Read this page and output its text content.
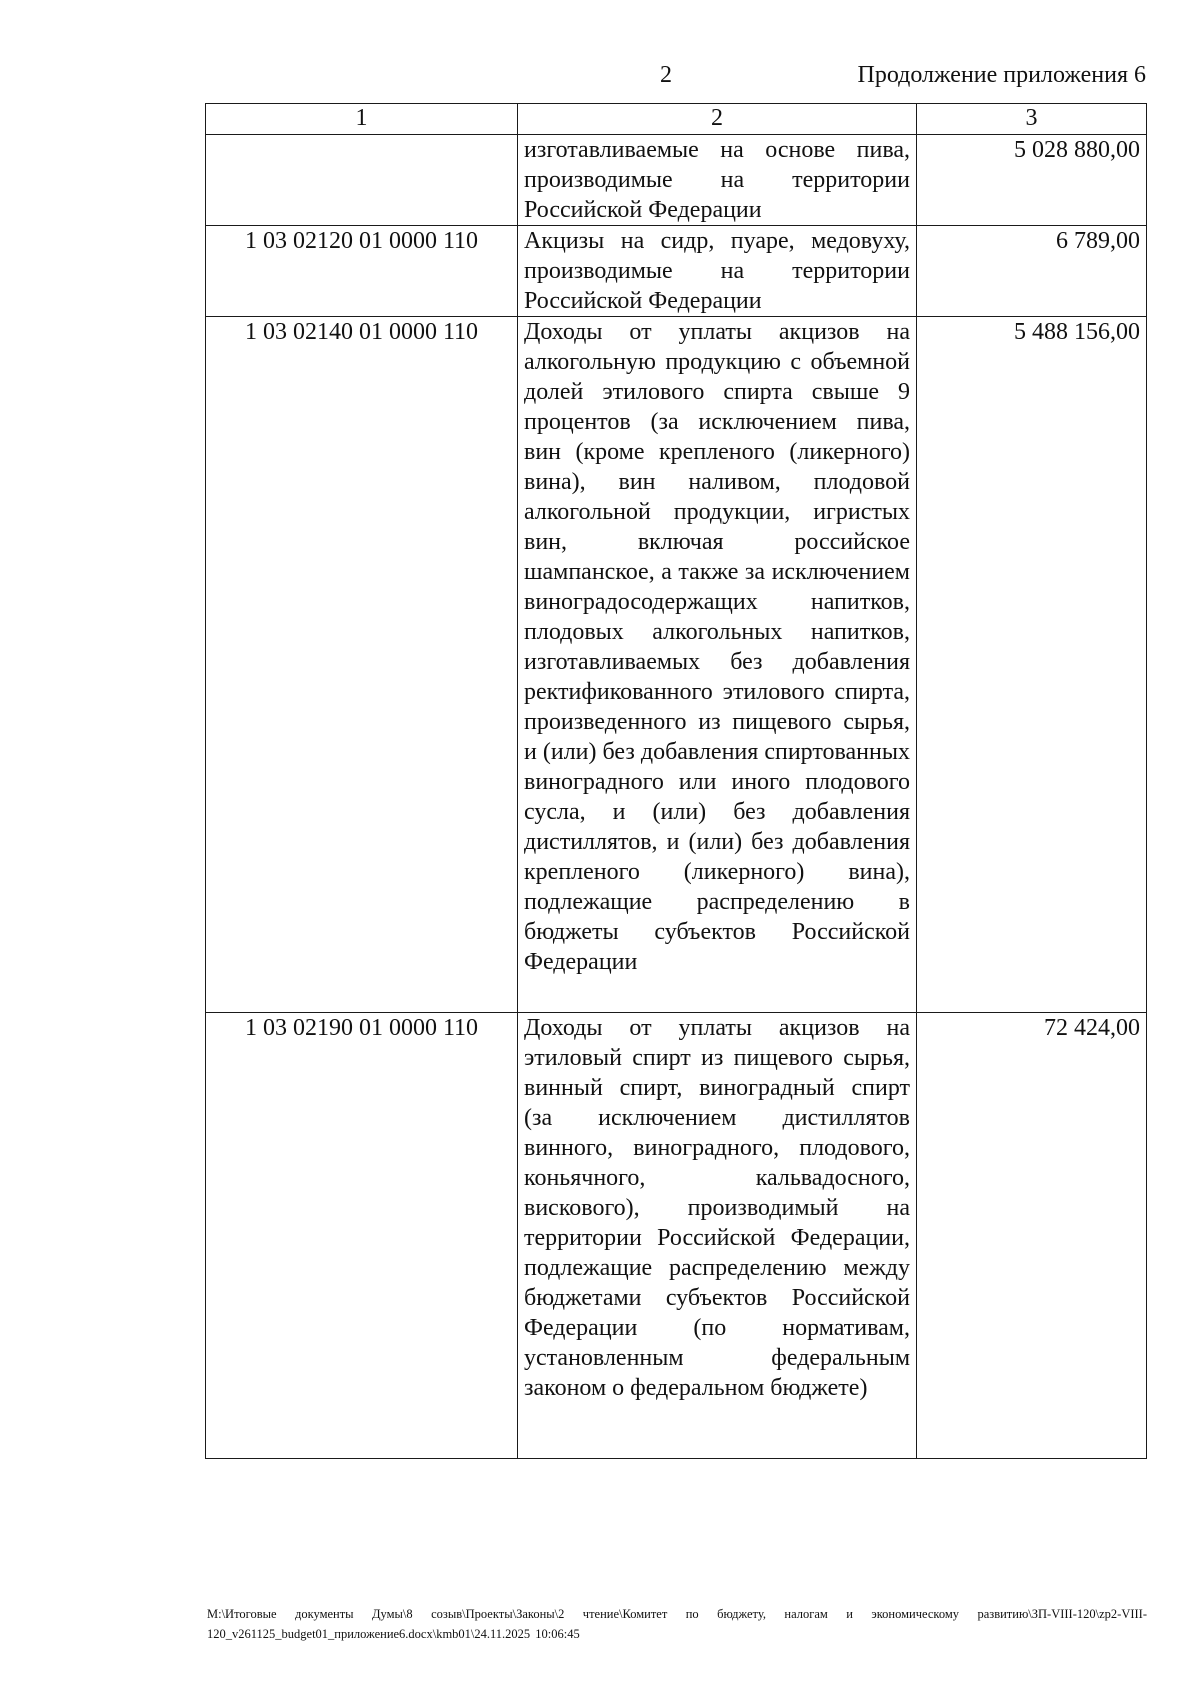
2	Продолжение приложения 6
1	2	3
	изготавливаемые на основе пива, производимые на территории Российской Федерации	5 028 880,00
1 03 02120 01 0000 110	Акцизы на сидр, пуаре, медовуху, производимые на территории Российской Федерации	6 789,00
1 03 02140 01 0000 110	Доходы от уплаты акцизов на алкогольную продукцию с объемной долей этилового спирта свыше 9 процентов (за исключением пива, вин (кроме крепленого (ликерного) вина), вин наливом, плодовой алкогольной продукции, игристых вин, включая российское шампанское, а также за исключением виноградосодержащих напитков, плодовых алкогольных напитков, изготавливаемых без добавления ректификованного этилового спирта, произведенного из пищевого сырья, и (или) без добавления спиртованных виноградного или иного плодового сусла, и (или) без добавления дистиллятов, и (или) без добавления крепленого (ликерного) вина), подлежащие распределению в бюджеты субъектов Российской Федерации	5 488 156,00
1 03 02190 01 0000 110	Доходы от уплаты акцизов на этиловый спирт из пищевого сырья, винный спирт, виноградный спирт (за исключением дистиллятов винного, виноградного, плодового, коньячного, кальвадосного, вискового), производимый на территории Российской Федерации, подлежащие распределению между бюджетами субъектов Российской Федерации (по нормативам, установленным федеральным законом о федеральном бюджете)	72 424,00
М:\Итоговые документы Думы\8 созыв\Проекты\Законы\2 чтение\Комитет по бюджету, налогам и экономическому развитию\ЗП-VIII-120\zp2-VIII-120_v261125_budget01_приложение6.docx\kmb01\24.11.2025 10:06:45
